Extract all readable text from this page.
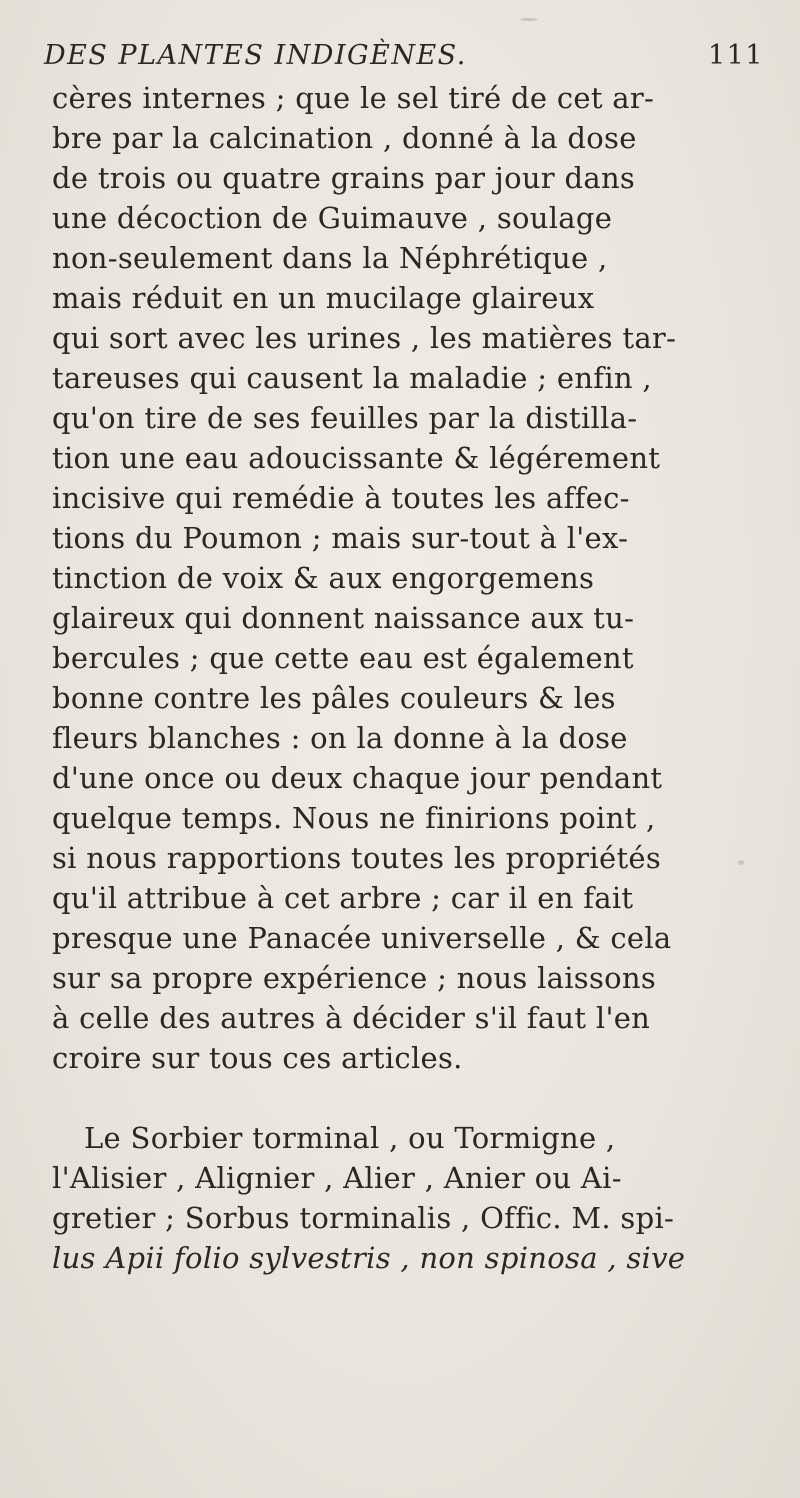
DES PLANTES INDIGÈNES.	111
cères internes ; que le sel tiré de cet ar-
bre par la calcination , donné à la dose
de trois ou quatre grains par jour dans
une décoction de Guimauve , soulage
non-seulement dans la Néphrétique ,
mais réduit en un mucilage glaireux
qui sort avec les urines , les matières tar-
tareuses qui causent la maladie ; enfin ,
qu'on tire de ses feuilles par la distilla-
tion une eau adoucissante & légérement
incisive qui remédie à toutes les affec-
tions du Poumon ; mais sur-tout à l'ex-
tinction de voix & aux engorgemens
glaireux qui donnent naissance aux tu-
bercules ; que cette eau est également
bonne contre les pâles couleurs & les
fleurs blanches : on la donne à la dose
d'une once ou deux chaque jour pendant
quelque temps. Nous ne finirions point ,
si nous rapportions toutes les propriétés
qu'il attribue à cet arbre ; car il en fait
presque une Panacée universelle , & cela
sur sa propre expérience ; nous laissons
à celle des autres à décider s'il faut l'en
croire sur tous ces articles.
Le Sorbier torminal , ou Tormigne ,
l'Alisier , Alignier , Alier , Anier ou Ai-
gretier ; Sorbus torminalis , Offic. M. spi-
lus Apii folio sylvestris , non spinosa , sive
